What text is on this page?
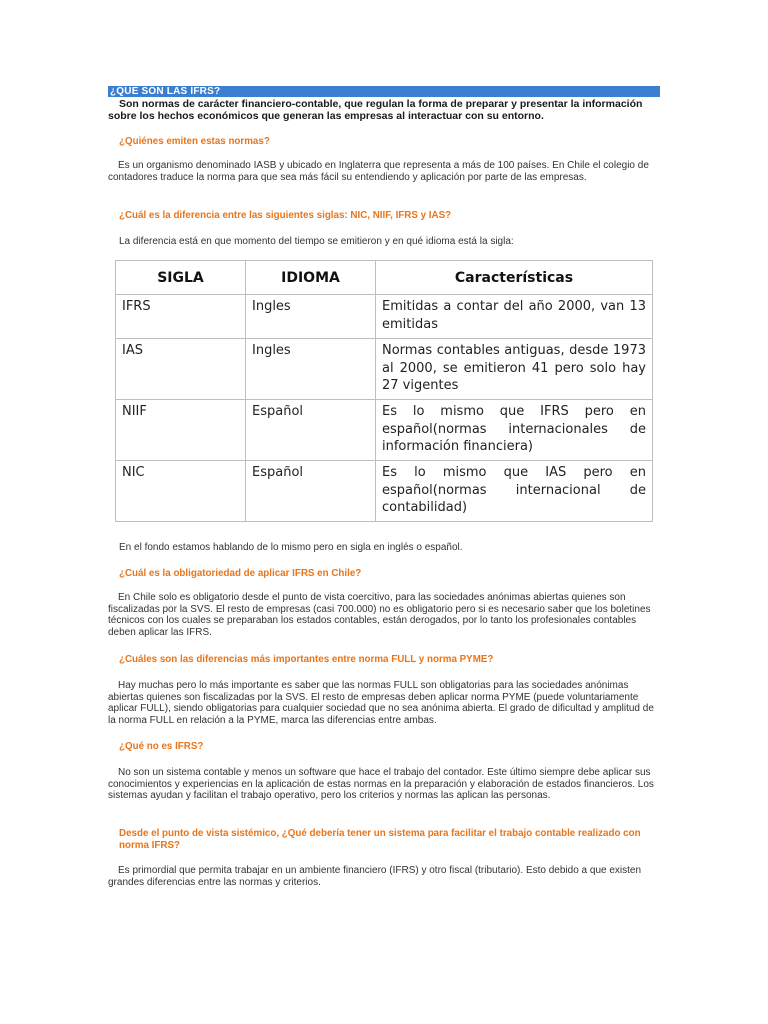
¿QUE SON LAS IFRS?
Son normas de carácter financiero-contable, que regulan la forma de preparar y presentar la información sobre los hechos económicos que generan las empresas al interactuar con su entorno.
¿Quiénes emiten estas normas?
Es un organismo denominado IASB y ubicado en Inglaterra que representa a más de 100 países. En Chile el colegio de contadores traduce la norma para que sea más fácil su entendiendo y aplicación por parte de las empresas.
¿Cuál es la diferencia entre las siguientes siglas: NIC, NIIF, IFRS y IAS?
La diferencia está en que momento del tiempo se emitieron y en qué idioma está la sigla:
SIGLA	IDIOMA	Características
IFRS	Ingles	Emitidas a contar del año 2000, van 13 emitidas
IAS	Ingles	Normas contables antiguas, desde 1973 al 2000, se emitieron 41 pero solo hay 27 vigentes
NIIF	Español	Es lo mismo que IFRS pero en español(normas internacionales de información financiera)
NIC	Español	Es lo mismo que IAS pero en español(normas internacional de contabilidad)
En el fondo estamos hablando de lo mismo pero en sigla en inglés o español.
¿Cuál es la obligatoriedad de aplicar IFRS en Chile?
En Chile solo es obligatorio desde el punto de vista coercitivo, para las sociedades anónimas abiertas quienes son fiscalizadas por la SVS. El resto de empresas (casi 700.000) no es obligatorio pero si es necesario saber que los boletines técnicos con los cuales se preparaban los estados contables, están derogados, por lo tanto los profesionales contables deben aplicar las IFRS.
¿Cuáles son las diferencias más importantes entre norma FULL y norma PYME?
Hay muchas pero lo más importante es saber que las normas FULL son obligatorias para las sociedades anónimas abiertas quienes son fiscalizadas por la SVS. El resto de empresas deben aplicar norma PYME (puede voluntariamente aplicar FULL), siendo obligatorias para cualquier sociedad que no sea anónima abierta. El grado de dificultad y amplitud de la norma FULL en relación a la PYME, marca las diferencias entre ambas.
¿Qué no es IFRS?
No son un sistema contable y menos un software que hace el trabajo del contador. Este último siempre debe aplicar sus conocimientos y experiencias en la aplicación de estas normas en la preparación y elaboración de estados financieros. Los sistemas ayudan y facilitan el trabajo operativo, pero los criterios y normas las aplican las personas.
Desde el punto de vista sistémico, ¿Qué debería tener un sistema para facilitar el trabajo contable realizado con norma IFRS?
Es primordial que permita trabajar en un ambiente financiero (IFRS) y otro fiscal (tributario). Esto debido a que existen grandes diferencias entre las normas y criterios.
